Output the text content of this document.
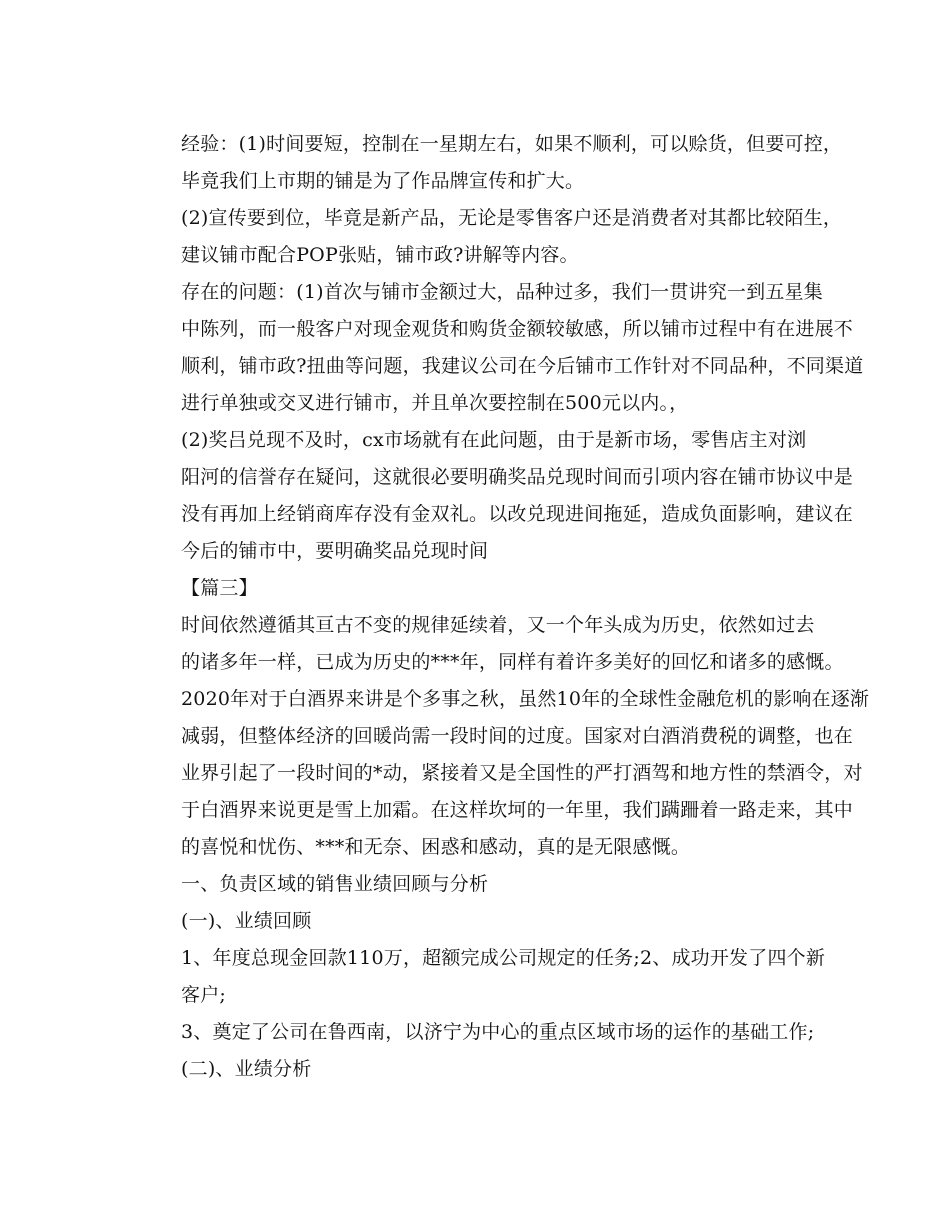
经验：(1)时间要短，控制在一星期左右，如果不顺利，可以赊货，但要可控，
毕竟我们上市期的铺是为了作品牌宣传和扩大。

(2)宣传要到位，毕竟是新产品，无论是零售客户还是消费者对其都比较陌生，
建议铺市配合POP张贴，铺市政?讲解等内容。

存在的问题：(1)首次与铺市金额过大，品种过多，我们一贯讲究一到五星集
中陈列，而一般客户对现金观货和购货金额较敏感，所以铺市过程中有在进展不
顺利，铺市政?扭曲等问题，我建议公司在今后铺市工作针对不同品种，不同渠道
进行单独或交叉进行铺市，并且单次要控制在500元以内。，

(2)奖吕兑现不及时，cx市场就有在此问题，由于是新市场，零售店主对浏
阳河的信誉存在疑问，这就很必要明确奖品兑现时间而引项内容在铺市协议中是
没有再加上经销商库存没有金双礼。以改兑现进间拖延，造成负面影响，建议在
今后的铺市中，要明确奖品兑现时间

【篇三】

时间依然遵循其亘古不变的规律延续着，又一个年头成为历史，依然如过去
的诸多年一样，已成为历史的***年，同样有着许多美好的回忆和诸多的感慨。
2020年对于白酒界来讲是个多事之秋，虽然10年的全球性金融危机的影响在逐渐
减弱，但整体经济的回暖尚需一段时间的过度。国家对白酒消费税的调整，也在
业界引起了一段时间的*动，紧接着又是全国性的严打酒驾和地方性的禁酒令，对
于白酒界来说更是雪上加霜。在这样坎坷的一年里，我们蹒跚着一路走来，其中
的喜悦和忧伤、***和无奈、困惑和感动，真的是无限感慨。

一、负责区域的销售业绩回顾与分析

(一)、业绩回顾

1、年度总现金回款110万，超额完成公司规定的任务;2、成功开发了四个新
客户;

3、奠定了公司在鲁西南，以济宁为中心的重点区域市场的运作的基础工作;

(二)、业绩分析
